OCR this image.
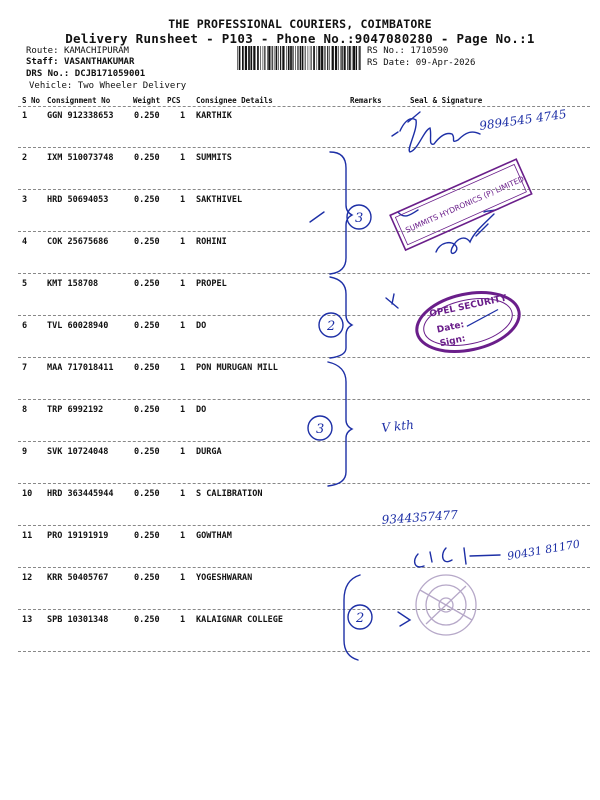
THE PROFESSIONAL COURIERS, COIMBATORE
Delivery Runsheet - P103 - Phone No.:9047080280 - Page No.:1
Route: KAMACHIPURAM
Staff: VASANTHAKUMAR
DRS No.: DCJB171059001
Vehicle: Two Wheeler Delivery
RS No.: 1710590
RS Date: 09-Apr-2026
S No Consignment No	Weight PCS Consignee Details	Remarks	Seal & Signature
1 GGN 912338653 0.250 1 KARTHIK
2 IXM 510073748 0.250 1 SUMMITS
3 HRD 50694053	0.250 1 SAKTHIVEL
4 COK 25675686	0.250 1 ROHINI
5 KMT 158708	0.250 1 PROPEL
6 TVL 60028940	0.250 1 DO
7 MAA 717018411 0.250 1 PON MURUGAN MILL
8 TRP 6992192	0.250 1 DO
9 SVK 10724048	0.250 1 DURGA
10 HRD 363445944 0.250 1 S CALIBRATION
11 PRO 19191919	0.250 1 GOWTHAM
12 KRR 50405767	0.250 1 YOGESHWARAN
13 SPB 10301348	0.250 1 KALAIGNAR COLLEGE
9894545 4745
3
2
3
2
V kth
9344357477
90431 81170
SUMMITS HYDRONICS (P) LIMITED
OPEL SECURITY
Date:
Sign:
